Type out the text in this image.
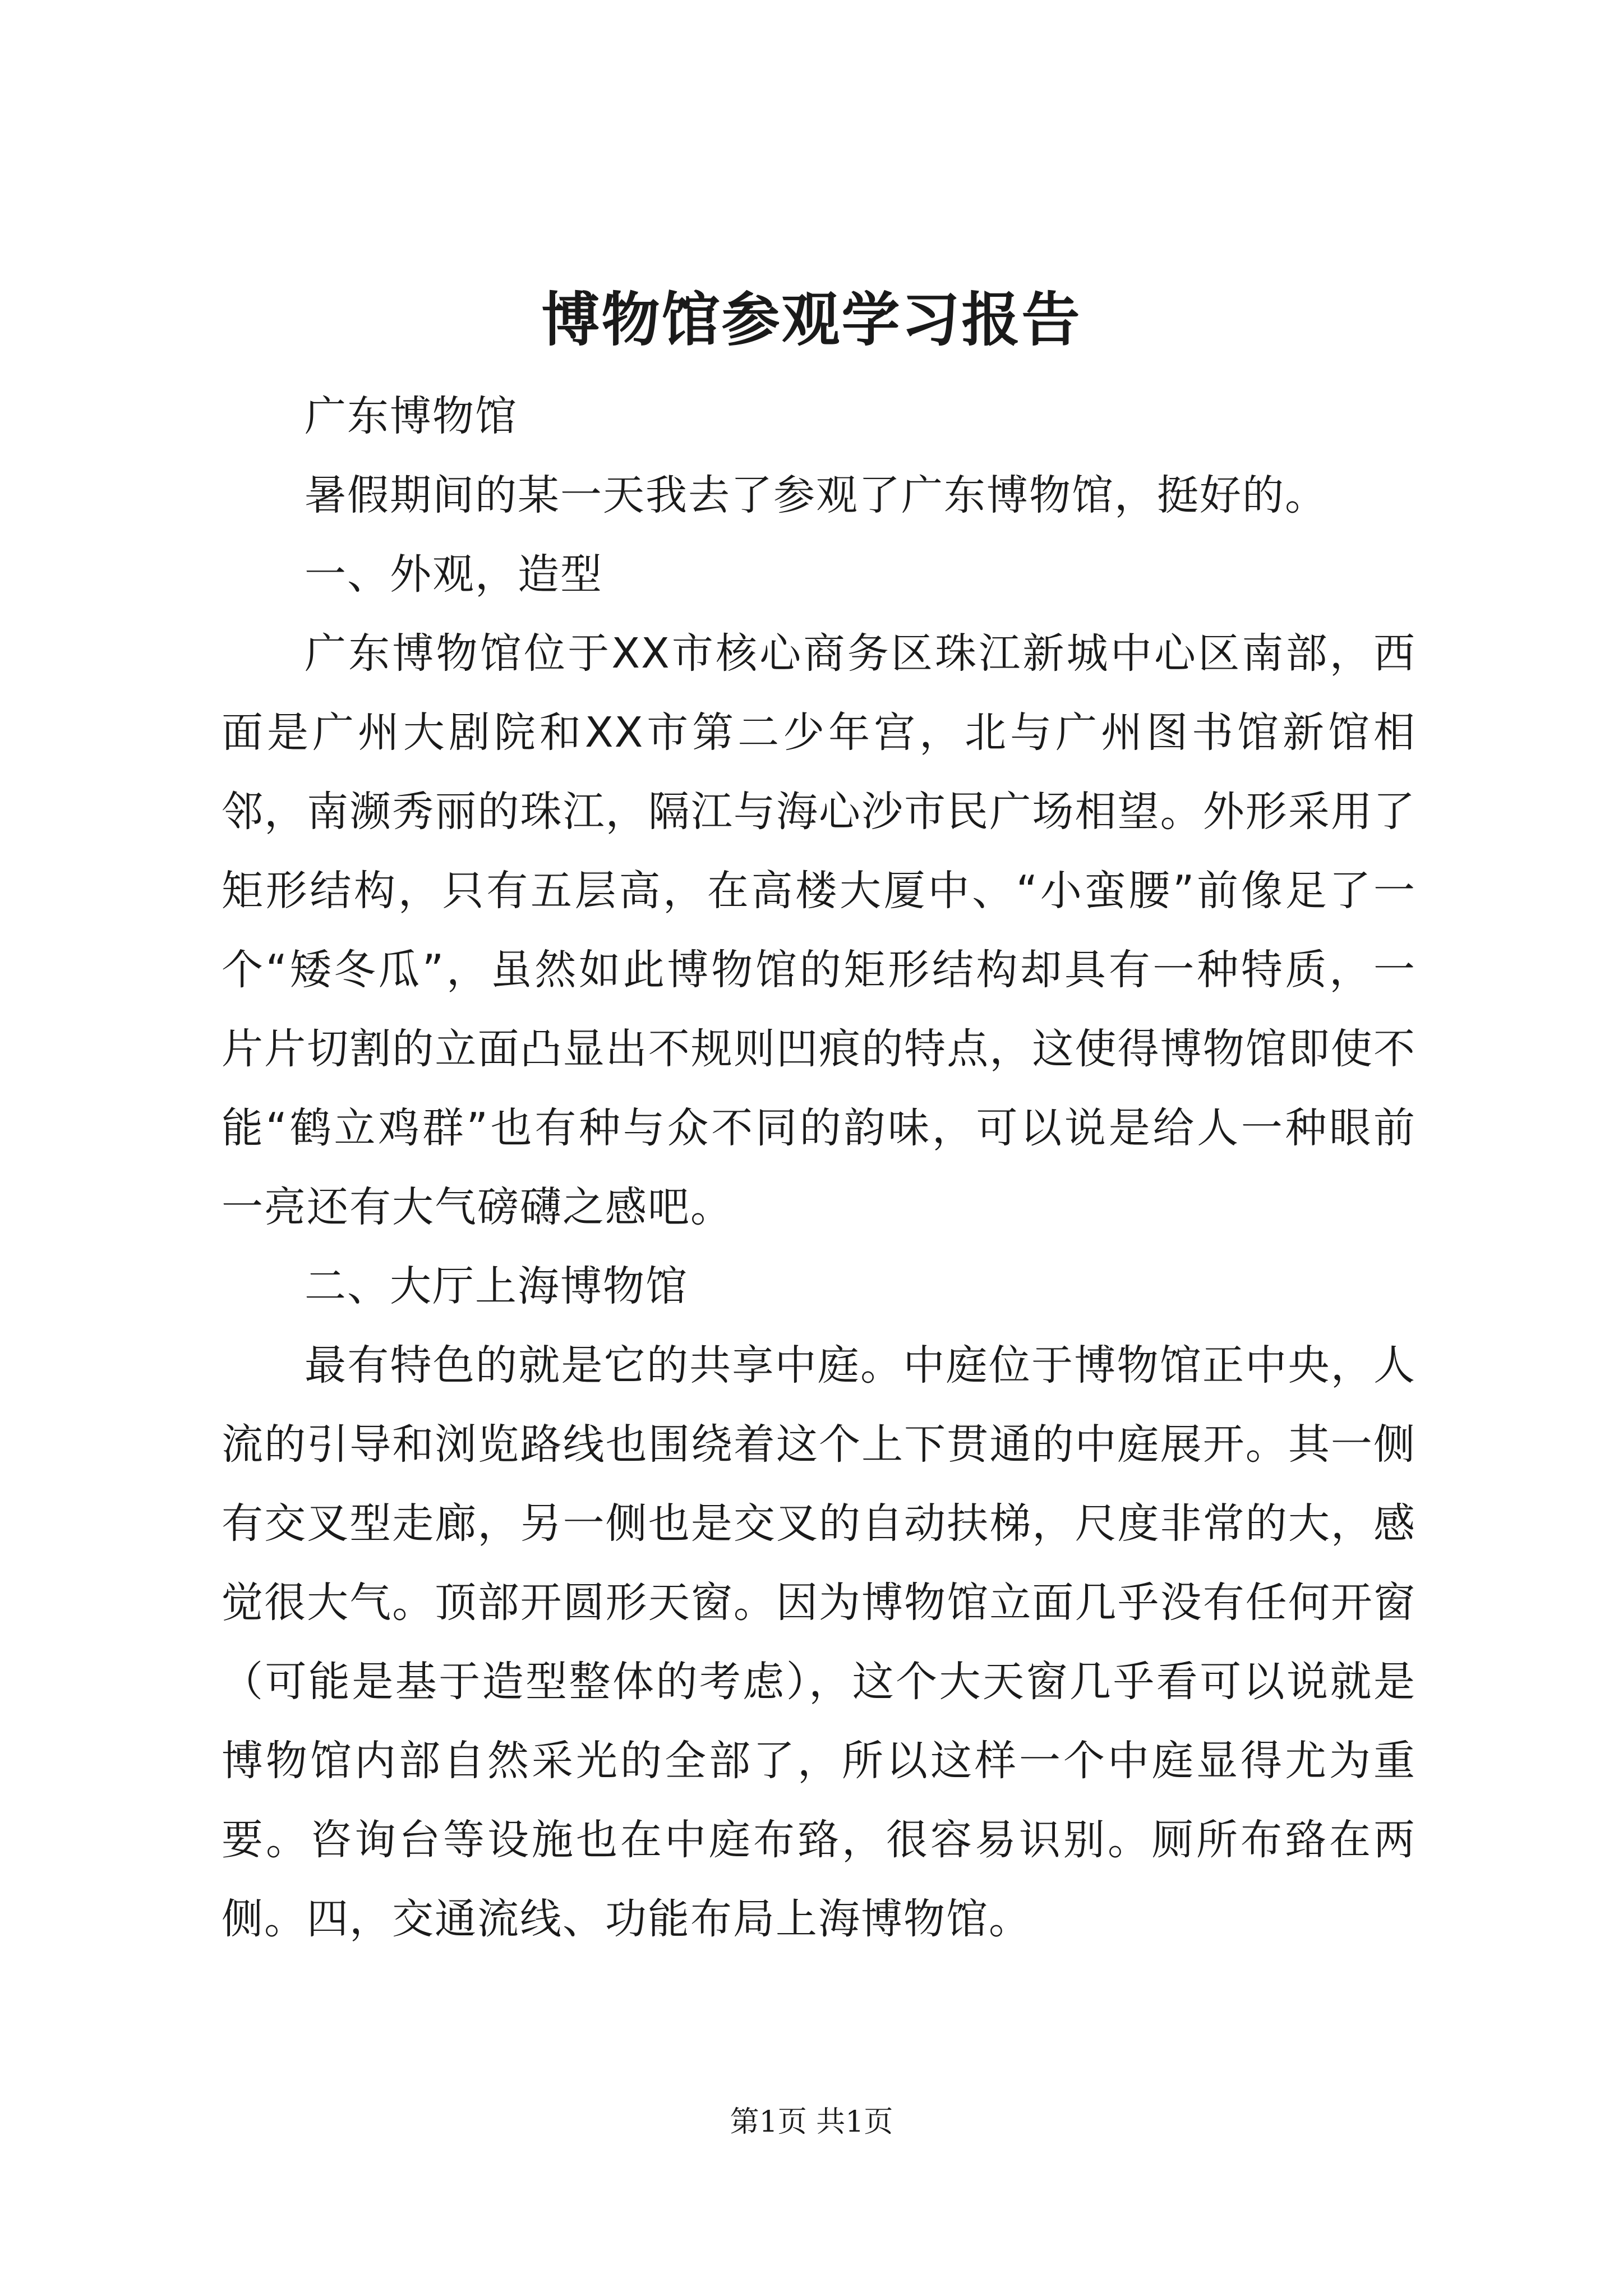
博物馆参观学习报告

广东博物馆

暑假期间的某一天我去了参观了广东博物馆，挺好的。

一、外观，造型

广东博物馆位于XX市核心商务区珠江新城中心区南部，西面是广州大剧院和XX市第二少年宫，北与广州图书馆新馆相邻，南濒秀丽的珠江，隔江与海心沙市民广场相望。外形采用了矩形结构，只有五层高，在高楼大厦中、“小蛮腰”前像足了一个“矮冬瓜”，虽然如此博物馆的矩形结构却具有一种特质，一片片切割的立面凸显出不规则凹痕的特点，这使得博物馆即使不能“鹤立鸡群”也有种与众不同的韵味，可以说是给人一种眼前一亮还有大气磅礴之感吧。

二、大厅上海博物馆

最有特色的就是它的共享中庭。中庭位于博物馆正中央，人流的引导和浏览路线也围绕着这个上下贯通的中庭展开。其一侧有交叉型走廊，另一侧也是交叉的自动扶梯，尺度非常的大，感觉很大气。顶部开圆形天窗。因为博物馆立面几乎没有任何开窗（可能是基于造型整体的考虑），这个大天窗几乎看可以说就是博物馆内部自然采光的全部了，所以这样一个中庭显得尤为重要。咨询台等设施也在中庭布臵，很容易识别。厕所布臵在两侧。四，交通流线、功能布局上海博物馆。

第1页 共1页
